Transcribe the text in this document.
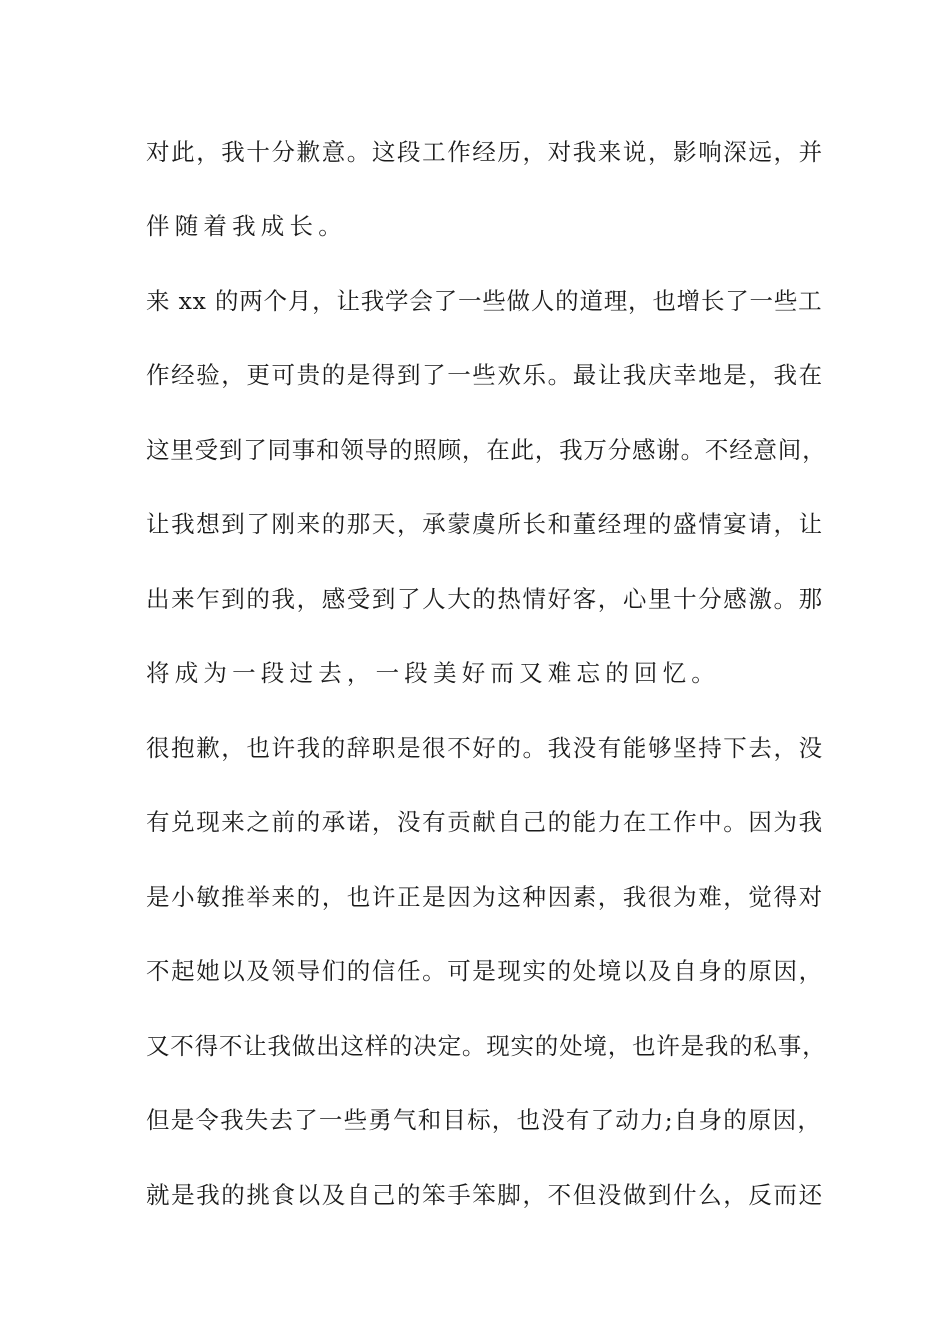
对此，我十分歉意。这段工作经历，对我来说，影响深远，并
伴随着我成长。
来 xx 的两个月，让我学会了一些做人的道理，也增长了一些工
作经验，更可贵的是得到了一些欢乐。最让我庆幸地是，我在
这里受到了同事和领导的照顾，在此，我万分感谢。不经意间，
让我想到了刚来的那天，承蒙虞所长和董经理的盛情宴请，让
出来乍到的我，感受到了人大的热情好客，心里十分感激。那
将成为一段过去，一段美好而又难忘的回忆。
很抱歉，也许我的辞职是很不好的。我没有能够坚持下去，没
有兑现来之前的承诺，没有贡献自己的能力在工作中。因为我
是小敏推举来的，也许正是因为这种因素，我很为难，觉得对
不起她以及领导们的信任。可是现实的处境以及自身的原因，
又不得不让我做出这样的决定。现实的处境，也许是我的私事，
但是令我失去了一些勇气和目标，也没有了动力;自身的原因，
就是我的挑食以及自己的笨手笨脚，不但没做到什么，反而还
